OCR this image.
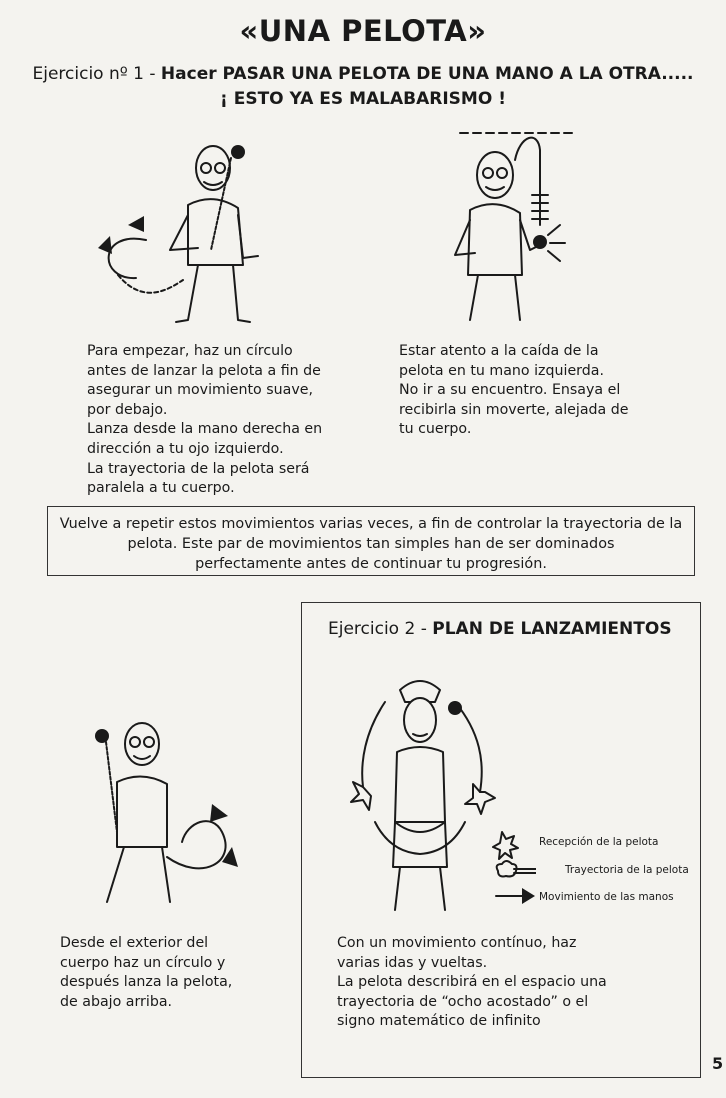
«UNA PELOTA»
Ejercicio nº 1 - Hacer PASAR UNA PELOTA DE UNA MANO A LA OTRA.....
¡ ESTO YA ES MALABARISMO !
Para empezar, haz un círculo
antes de lanzar la pelota a fin de
asegurar un movimiento suave,
por debajo.
Lanza desde la mano derecha en
dirección a tu ojo izquierdo.
La trayectoria de la pelota será
paralela a tu cuerpo.
Estar atento a la caída de la
pelota en tu mano izquierda.
No ir a su encuentro. Ensaya el
recibirla sin moverte, alejada de
tu cuerpo.
Vuelve a repetir estos movimientos varias veces, a fin de controlar la trayectoria de la
pelota. Este par de movimientos tan simples han de ser dominados
perfectamente antes de continuar tu progresión.
Ejercicio 2 - PLAN DE LANZAMIENTOS
Recepción de la pelota
Trayectoria de la pelota
Movimiento de las manos
Desde el exterior del
cuerpo haz un círculo y
después lanza la pelota,
de abajo arriba.
Con un movimiento contínuo, haz
varias idas y vueltas.
La pelota describirá en el espacio una
trayectoria de “ocho acostado” o el
signo matemático de infinito
5
